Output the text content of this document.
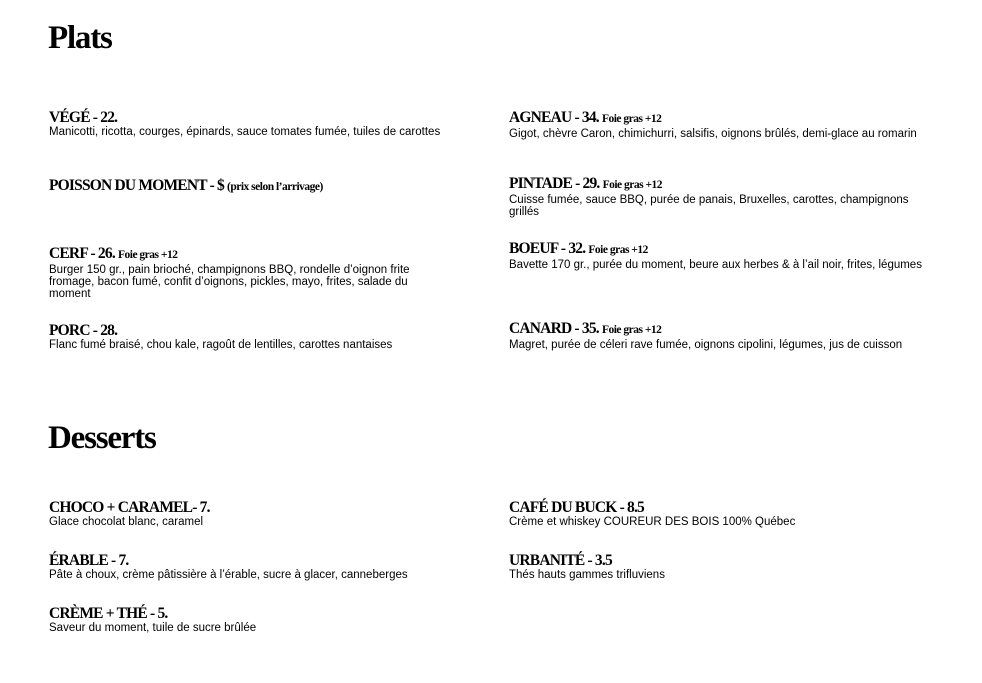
Plats
VÉGÉ - 22.
Manicotti, ricotta, courges, épinards, sauce tomates fumée, tuiles de carottes
POISSON DU MOMENT - $ (prix selon l’arrivage)
CERF - 26. Foie gras +12
Burger 150 gr., pain brioché, champignons BBQ, rondelle d’oignon frite fromage, bacon fumé, confit d’oignons, pickles, mayo, frites, salade du moment
PORC - 28.
Flanc fumé braisé, chou kale, ragoût de lentilles, carottes nantaises
AGNEAU - 34. Foie gras +12
Gigot, chèvre Caron, chimichurri, salsifis, oignons brûlés, demi-glace au romarin
PINTADE - 29. Foie gras +12
Cuisse fumée, sauce BBQ, purée de panais, Bruxelles, carottes, champignons grillés
BOEUF - 32. Foie gras +12
Bavette 170 gr., purée du moment, beure aux herbes & à l’ail noir, frites, légumes
CANARD - 35. Foie gras +12
Magret, purée de céleri rave fumée, oignons cipolini, légumes, jus de cuisson
Desserts
CHOCO + CARAMEL- 7.
Glace chocolat blanc, caramel
ÉRABLE - 7.
Pâte à choux, crème pâtissière à l’érable, sucre à glacer, canneberges
CRÈME + THÉ - 5.
Saveur du moment, tuile de sucre brûlée
CAFÉ DU BUCK - 8.5
Crème et whiskey COUREUR DES BOIS 100% Québec
URBANITÉ - 3.5
Thés hauts gammes trifluviens
